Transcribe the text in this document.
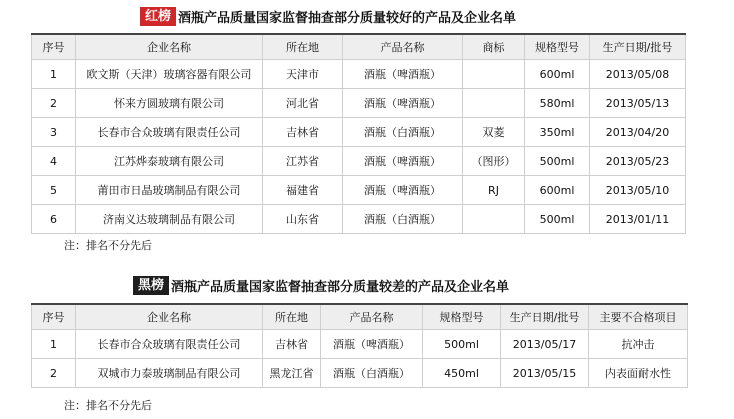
红榜 酒瓶产品质量国家监督抽查部分质量较好的产品及企业名单
序号	企业名称	所在地	产品名称	商标	规格型号	生产日期/批号
1	欧文斯（天津）玻璃容器有限公司	天津市	酒瓶（啤酒瓶）		600ml	2013/05/08
2	怀来方圆玻璃有限公司	河北省	酒瓶（啤酒瓶）		580ml	2013/05/13
3	长春市合众玻璃有限责任公司	吉林省	酒瓶（白酒瓶）	双菱	350ml	2013/04/20
4	江苏烨泰玻璃有限公司	江苏省	酒瓶（啤酒瓶）	（图形）	500ml	2013/05/23
5	莆田市日晶玻璃制品有限公司	福建省	酒瓶（啤酒瓶）	RJ	600ml	2013/05/10
6	济南义达玻璃制品有限公司	山东省	酒瓶（白酒瓶）		500ml	2013/01/11
注：排名不分先后
黑榜 酒瓶产品质量国家监督抽查部分质量较差的产品及企业名单
序号	企业名称	所在地	产品名称	规格型号	生产日期/批号	主要不合格项目
1	长春市合众玻璃有限责任公司	吉林省	酒瓶（啤酒瓶）	500ml	2013/05/17	抗冲击
2	双城市力泰玻璃制品有限公司	黑龙江省	酒瓶（白酒瓶）	450ml	2013/05/15	内表面耐水性
注：排名不分先后
